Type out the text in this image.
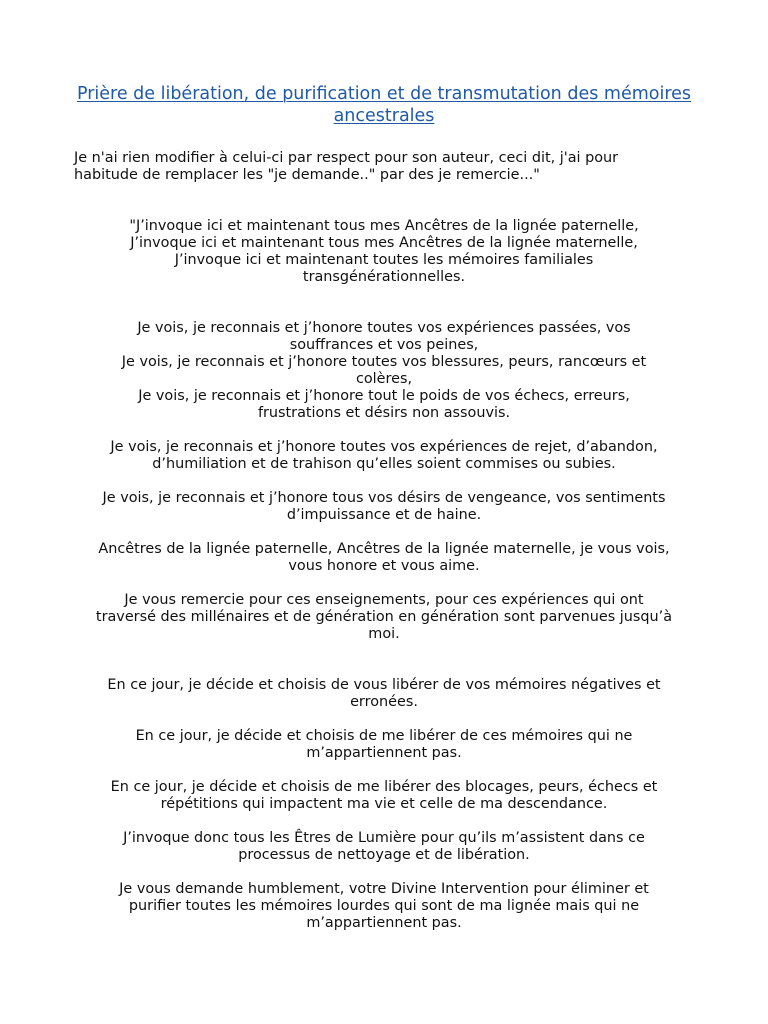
Prière de libération, de purification et de transmutation des mémoires ancestrales

Je n'ai rien modifier à celui-ci par respect pour son auteur, ceci dit, j'ai pour
habitude de remplacer les "je demande.." par des je remercie..."

"J’invoque ici et maintenant tous mes Ancêtres de la lignée paternelle,
J’invoque ici et maintenant tous mes Ancêtres de la lignée maternelle,
J’invoque ici et maintenant toutes les mémoires familiales
transgénérationnelles.

Je vois, je reconnais et j’honore toutes vos expériences passées, vos
souffrances et vos peines,
Je vois, je reconnais et j’honore toutes vos blessures, peurs, rancœurs et
colères,
Je vois, je reconnais et j’honore tout le poids de vos échecs, erreurs,
frustrations et désirs non assouvis.

Je vois, je reconnais et j’honore toutes vos expériences de rejet, d’abandon,
d’humiliation et de trahison qu’elles soient commises ou subies.

Je vois, je reconnais et j’honore tous vos désirs de vengeance, vos sentiments
d’impuissance et de haine.

Ancêtres de la lignée paternelle, Ancêtres de la lignée maternelle, je vous vois,
vous honore et vous aime.

Je vous remercie pour ces enseignements, pour ces expériences qui ont
traversé des millénaires et de génération en génération sont parvenues jusqu’à
moi.

En ce jour, je décide et choisis de vous libérer de vos mémoires négatives et
erronées.

En ce jour, je décide et choisis de me libérer de ces mémoires qui ne
m’appartiennent pas.

En ce jour, je décide et choisis de me libérer des blocages, peurs, échecs et
répétitions qui impactent ma vie et celle de ma descendance.

J’invoque donc tous les Êtres de Lumière pour qu’ils m’assistent dans ce
processus de nettoyage et de libération.

Je vous demande humblement, votre Divine Intervention pour éliminer et
purifier toutes les mémoires lourdes qui sont de ma lignée mais qui ne
m’appartiennent pas.
